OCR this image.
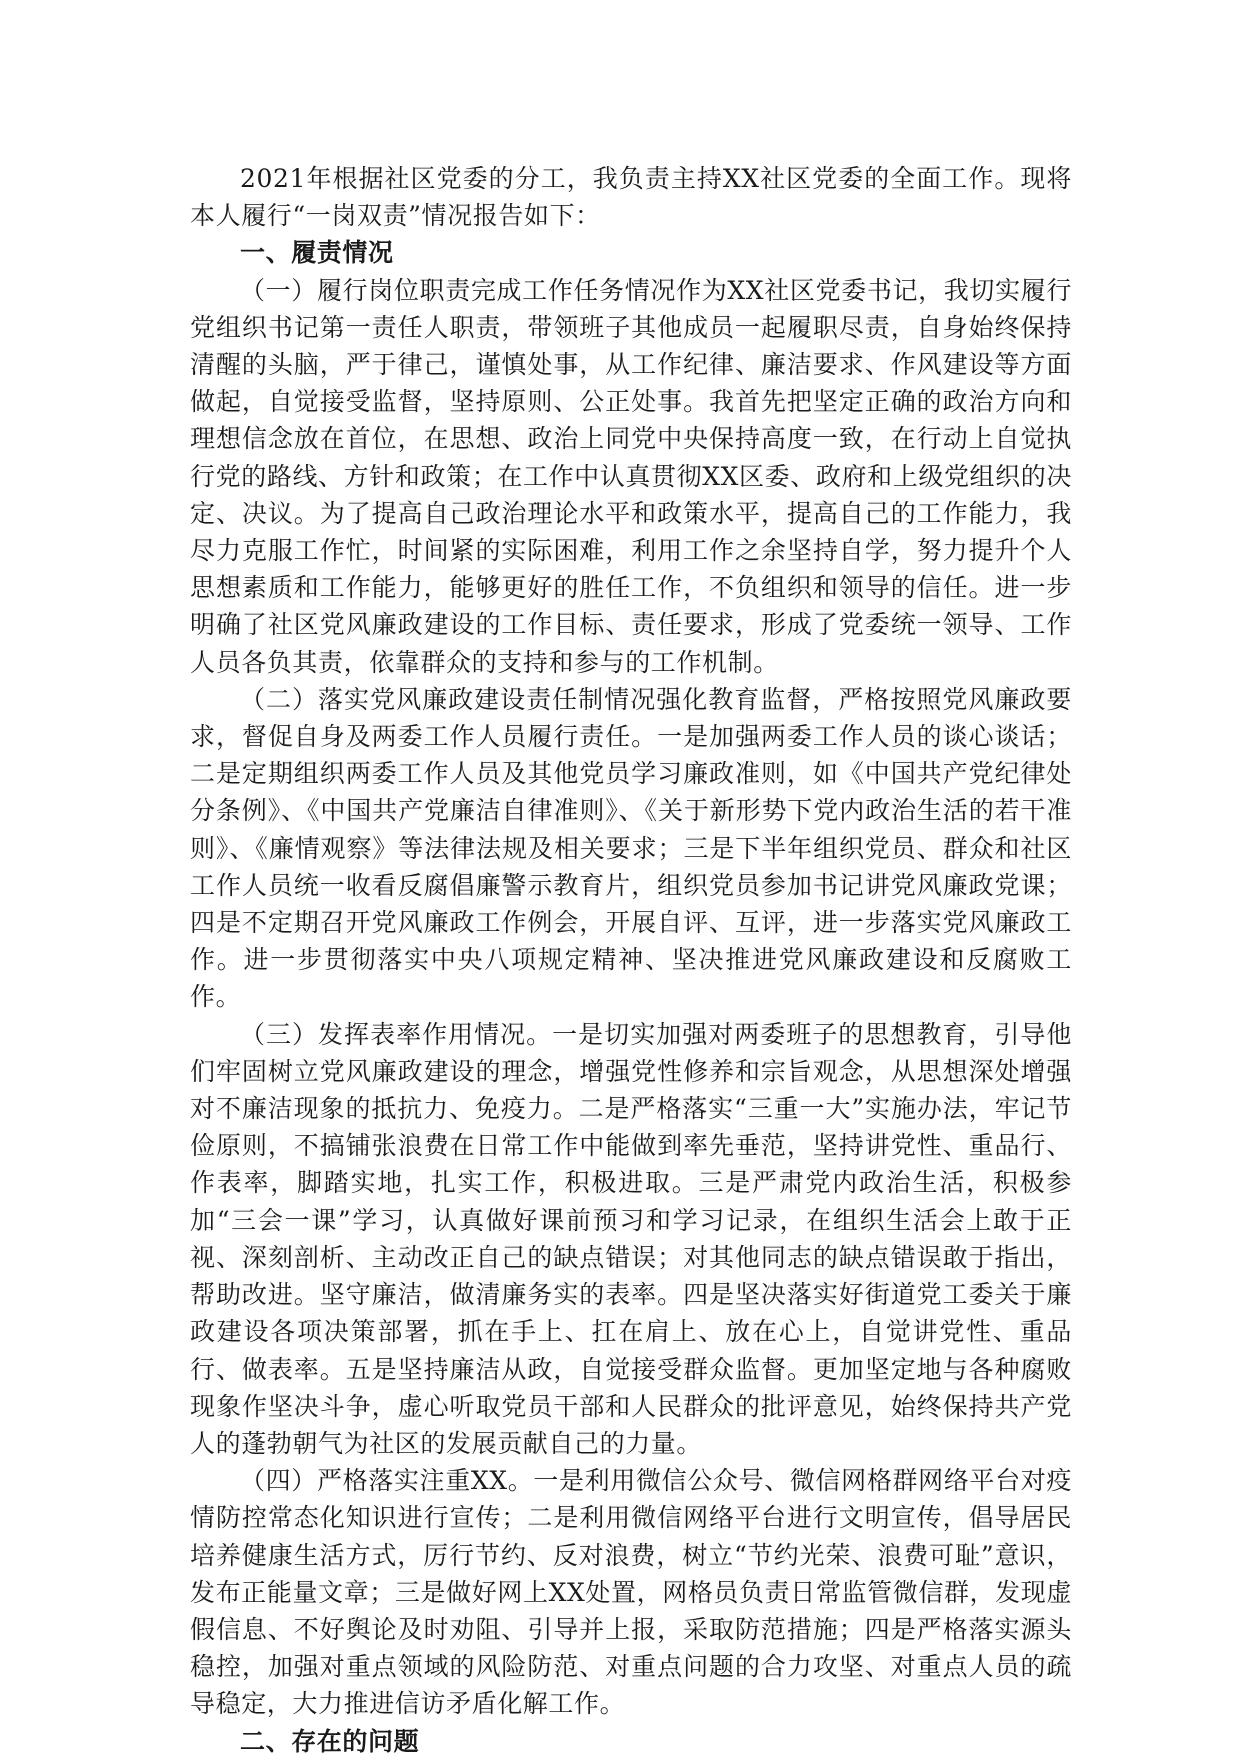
2021年根据社区党委的分工，我负责主持XX社区党委的全面工作。现将本人履行“一岗双责”情况报告如下：

一、履责情况

（一）履行岗位职责完成工作任务情况作为XX社区党委书记，我切实履行党组织书记第一责任人职责，带领班子其他成员一起履职尽责，自身始终保持清醒的头脑，严于律己，谨慎处事，从工作纪律、廉洁要求、作风建设等方面做起，自觉接受监督，坚持原则、公正处事。我首先把坚定正确的政治方向和理想信念放在首位，在思想、政治上同党中央保持高度一致，在行动上自觉执行党的路线、方针和政策；在工作中认真贯彻XX区委、政府和上级党组织的决定、决议。为了提高自己政治理论水平和政策水平，提高自己的工作能力，我尽力克服工作忙，时间紧的实际困难，利用工作之余坚持自学，努力提升个人思想素质和工作能力，能够更好的胜任工作，不负组织和领导的信任。进一步明确了社区党风廉政建设的工作目标、责任要求，形成了党委统一领导、工作人员各负其责，依靠群众的支持和参与的工作机制。

（二）落实党风廉政建设责任制情况强化教育监督，严格按照党风廉政要求，督促自身及两委工作人员履行责任。一是加强两委工作人员的谈心谈话；二是定期组织两委工作人员及其他党员学习廉政准则，如《中国共产党纪律处分条例》、《中国共产党廉洁自律准则》、《关于新形势下党内政治生活的若干准则》、《廉情观察》等法律法规及相关要求；三是下半年组织党员、群众和社区工作人员统一收看反腐倡廉警示教育片，组织党员参加书记讲党风廉政党课；四是不定期召开党风廉政工作例会，开展自评、互评，进一步落实党风廉政工作。进一步贯彻落实中央八项规定精神、坚决推进党风廉政建设和反腐败工作。

（三）发挥表率作用情况。一是切实加强对两委班子的思想教育，引导他们牢固树立党风廉政建设的理念，增强党性修养和宗旨观念，从思想深处增强对不廉洁现象的抵抗力、免疫力。二是严格落实“三重一大”实施办法，牢记节俭原则，不搞铺张浪费在日常工作中能做到率先垂范，坚持讲党性、重品行、作表率，脚踏实地，扎实工作，积极进取。三是严肃党内政治生活，积极参加“三会一课”学习，认真做好课前预习和学习记录，在组织生活会上敢于正视、深刻剖析、主动改正自己的缺点错误；对其他同志的缺点错误敢于指出，帮助改进。坚守廉洁，做清廉务实的表率。四是坚决落实好街道党工委关于廉政建设各项决策部署，抓在手上、扛在肩上、放在心上，自觉讲党性、重品行、做表率。五是坚持廉洁从政，自觉接受群众监督。更加坚定地与各种腐败现象作坚决斗争，虚心听取党员干部和人民群众的批评意见，始终保持共产党人的蓬勃朝气为社区的发展贡献自己的力量。

（四）严格落实注重XX。一是利用微信公众号、微信网格群网络平台对疫情防控常态化知识进行宣传；二是利用微信网络平台进行文明宣传，倡导居民培养健康生活方式，厉行节约、反对浪费，树立“节约光荣、浪费可耻”意识，发布正能量文章；三是做好网上XX处置，网格员负责日常监管微信群，发现虚假信息、不好舆论及时劝阻、引导并上报，采取防范措施；四是严格落实源头稳控，加强对重点领域的风险防范、对重点问题的合力攻坚、对重点人员的疏导稳定，大力推进信访矛盾化解工作。

二、存在的问题
